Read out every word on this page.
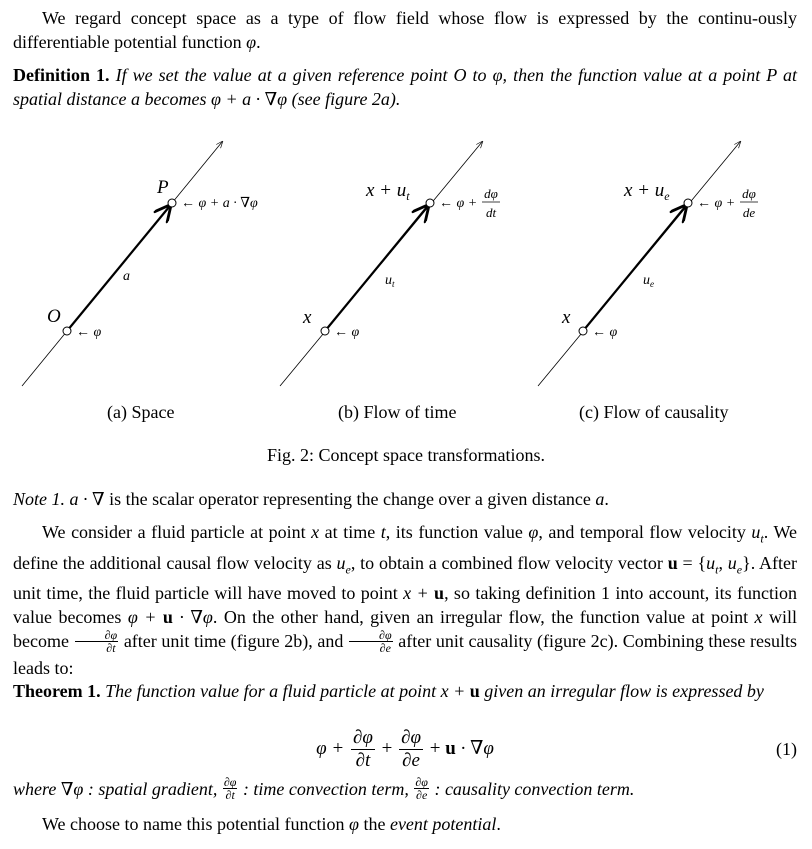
We regard concept space as a type of flow field whose flow is expressed by the continu-ously differentiable potential function φ.

Definition 1. If we set the value at a given reference point O to φ, then the function value at a point P at spatial distance a becomes φ + a · ∇φ (see figure 2a).

P
O
a
← φ + a · ∇φ
← φ
$x + u_t$
x
$u_t$
← φ +
dφ
dt
← φ
$x + u_e$
x
$u_e$
← φ +
dφ
de
← φ
(a) Space	(b) Flow of time	(c) Flow of causality
Fig. 2: Concept space transformations.

Note 1. a · ∇ is the scalar operator representing the change over a given distance a.

We consider a fluid particle at point x at time t, its function value φ, and temporal flow velocity $u_t$. We define the additional causal flow velocity as $u_e$, to obtain a combined flow velocity vector $u = \{u_t$, $u_e$}. After unit time, the fluid particle will have moved to point x + u, so taking definition 1 into account, its function value becomes φ + u · ∇φ. On the other hand, given an irregular flow, the function value at point x will become $\frac{\partial\varphi}{\partial t}$ after unit time (figure 2b), and $\frac{\partial\varphi}{\partial e}$ after unit causality (figure 2c). Combining these results leads to:

Theorem 1. The function value for a fluid particle at point x + u given an irregular flow is expressed by

$\varphi + \frac{\partial\varphi}{\partial t} + \frac{\partial\varphi}{\partial e} + u \cdot \nabla\varphi$	(1)

where ∇φ : spatial gradient, $\frac{\partial\varphi}{\partial t}$ : time convection term, $\frac{\partial\varphi}{\partial e}$ : causality convection term.

We choose to name this potential function φ the event potential.
